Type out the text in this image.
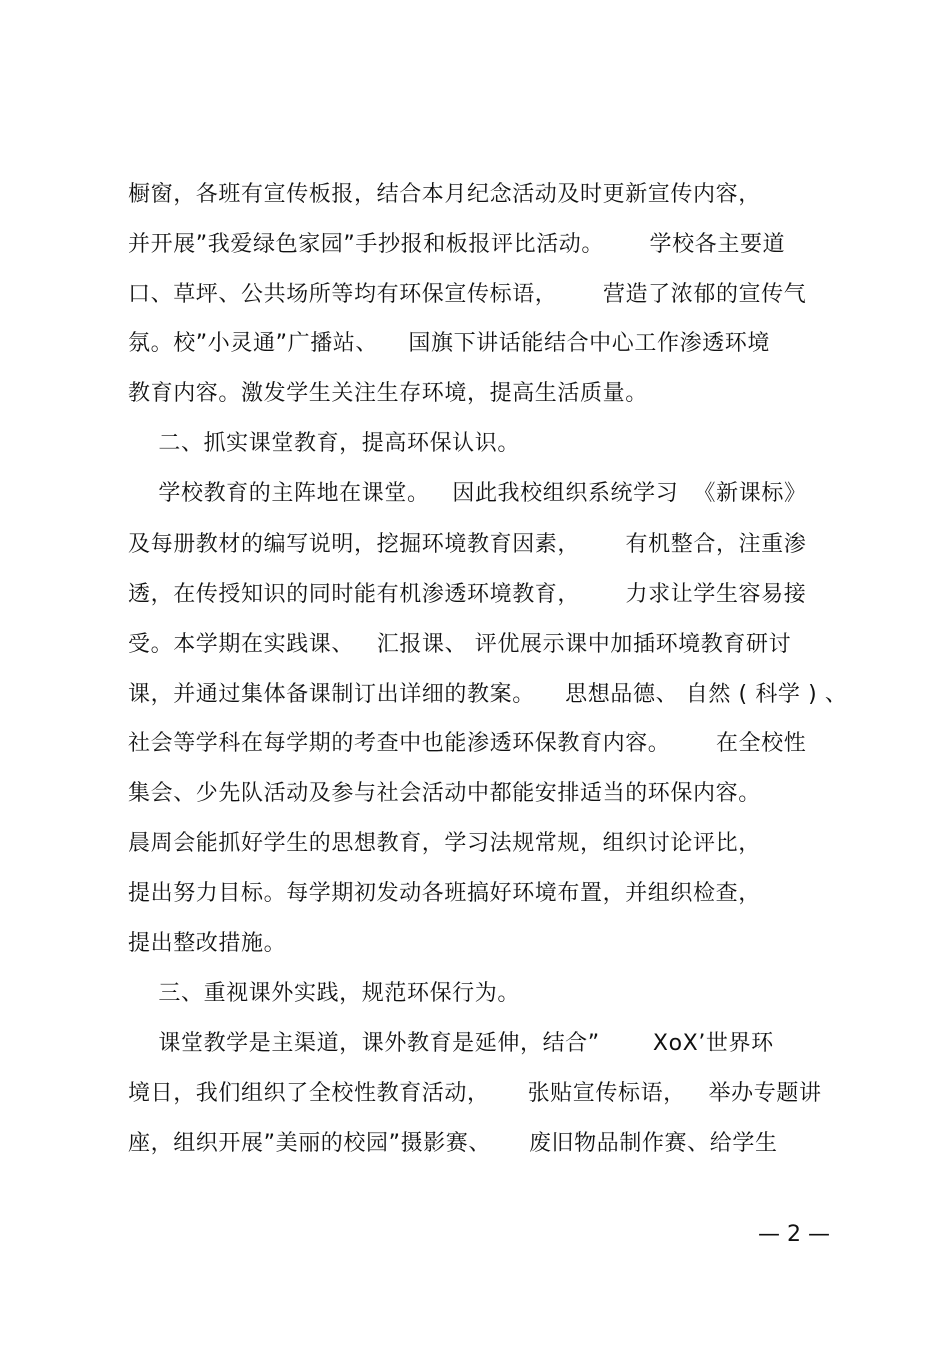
橱窗，各班有宣传板报，结合本月纪念活动及时更新宣传内容，

并开展”我爱绿色家园”手抄报和板报评比活动。      学校各主要道

口、草坪、公共场所等均有环保宣传标语，      营造了浓郁的宣传气

氛。校”小灵通”广播站、    国旗下讲话能结合中心工作渗透环境

教育内容。激发学生关注生存环境，提高生活质量。

二、抓实课堂教育，提高环保认识。

学校教育的主阵地在课堂。   因此我校组织系统学习  《新课标》

及每册教材的编写说明，挖掘环境教育因素，      有机整合，注重渗

透，在传授知识的同时能有机渗透环境教育，      力求让学生容易接

受。本学期在实践课、   汇报课、 评优展示课中加插环境教育研讨

课，并通过集体备课制订出详细的教案。    思想品德、 自然 ( 科学 ) 、

社会等学科在每学期的考查中也能渗透环保教育内容。      在全校性

集会、少先队活动及参与社会活动中都能安排适当的环保内容。

晨周会能抓好学生的思想教育，学习法规常规，组织讨论评比，

提出努力目标。每学期初发动各班搞好环境布置，并组织检查，

提出整改措施。

三、重视课外实践，规范环保行为。

课堂教学是主渠道，课外教育是延伸，结合”       XoX’世界环

境日，我们组织了全校性教育活动，     张贴宣传标语，   举办专题讲

座，组织开展”美丽的校园”摄影赛、     废旧物品制作赛、给学生

— 2 —
